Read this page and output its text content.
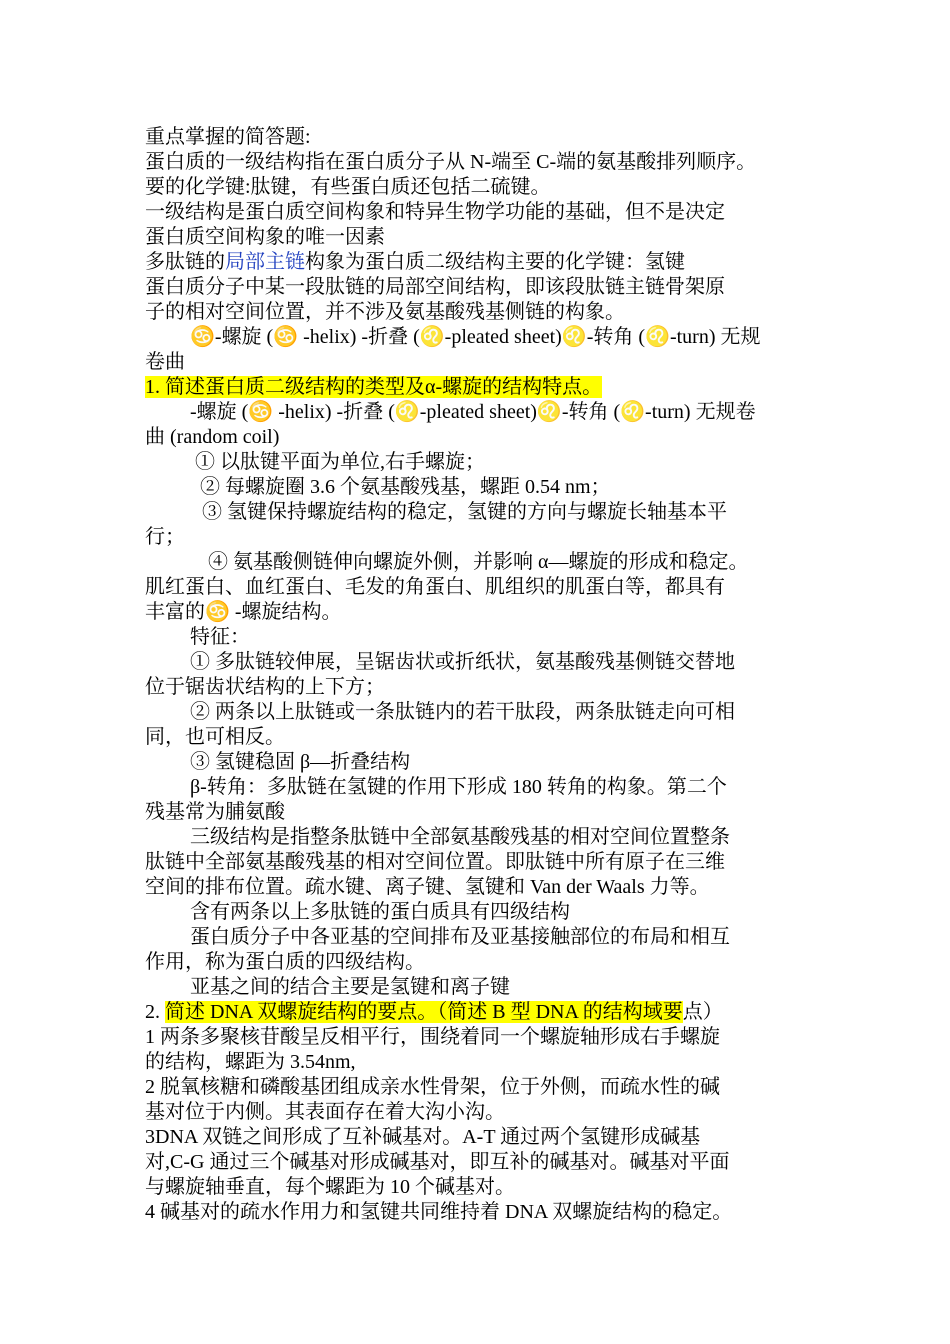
重点掌握的简答题:
蛋白质的一级结构指在蛋白质分子从 N-端至 C-端的氨基酸排列顺序。
要的化学键:肽键，有些蛋白质还包括二硫键。
一级结构是蛋白质空间构象和特异生物学功能的基础，但不是决定
蛋白质空间构象的唯一因素
多肽链的局部主链构象为蛋白质二级结构主要的化学键：氢键
蛋白质分子中某一段肽链的局部空间结构，即该段肽链主链骨架原
子的相对空间位置，并不涉及氨基酸残基侧链的构象。
♋-螺旋 (♋ -helix) -折叠 (♌-pleated sheet)♌-转角 (♌-turn) 无规
卷曲
1. 简述蛋白质二级结构的类型及α-螺旋的结构特点。
-螺旋 (♋ -helix) -折叠 (♌-pleated sheet)♌-转角 (♌-turn) 无规卷
曲 (random coil)
① 以肽键平面为单位,右手螺旋；
② 每螺旋圈 3.6 个氨基酸残基，螺距 0.54 nm；
③ 氢键保持螺旋结构的稳定，氢键的方向与螺旋长轴基本平
行；
④ 氨基酸侧链伸向螺旋外侧，并影响 α—螺旋的形成和稳定。
肌红蛋白、血红蛋白、毛发的角蛋白、肌组织的肌蛋白等，都具有
丰富的♋ -螺旋结构。
特征：
① 多肽链较伸展，呈锯齿状或折纸状，氨基酸残基侧链交替地
位于锯齿状结构的上下方；
② 两条以上肽链或一条肽链内的若干肽段，两条肽链走向可相
同，也可相反。
③ 氢键稳固 β—折叠结构
β-转角：多肽链在氢键的作用下形成 180 转角的构象。第二个
残基常为脯氨酸
三级结构是指整条肽链中全部氨基酸残基的相对空间位置整条
肽链中全部氨基酸残基的相对空间位置。即肽链中所有原子在三维
空间的排布位置。疏水键、离子键、氢键和 Van der Waals 力等。
含有两条以上多肽链的蛋白质具有四级结构
蛋白质分子中各亚基的空间排布及亚基接触部位的布局和相互
作用，称为蛋白质的四级结构。
亚基之间的结合主要是氢键和离子键
2. 简述 DNA 双螺旋结构的要点。（简述 B 型 DNA 的结构域要点）
1 两条多聚核苷酸呈反相平行，围绕着同一个螺旋轴形成右手螺旋
的结构，螺距为 3.54nm,
2 脱氧核糖和磷酸基团组成亲水性骨架，位于外侧，而疏水性的碱
基对位于内侧。其表面存在着大沟小沟。
3DNA 双链之间形成了互补碱基对。A-T 通过两个氢键形成碱基
对,C-G 通过三个碱基对形成碱基对，即互补的碱基对。碱基对平面
与螺旋轴垂直，每个螺距为 10 个碱基对。
4 碱基对的疏水作用力和氢键共同维持着 DNA 双螺旋结构的稳定。
